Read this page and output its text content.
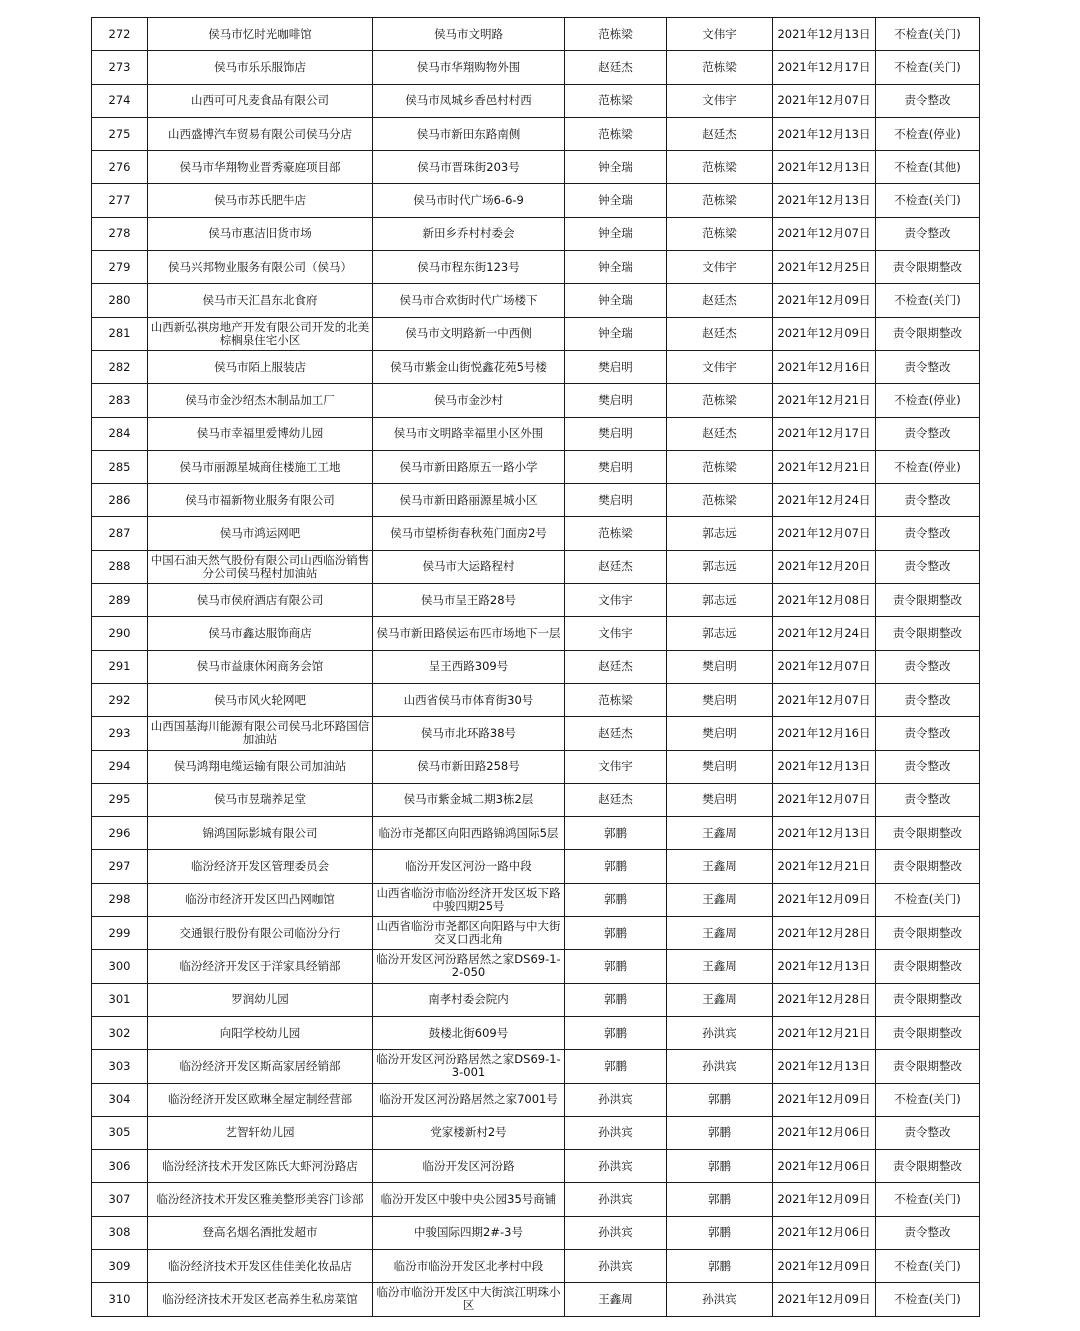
272	侯马市忆时光咖啡馆	侯马市文明路	范栋梁	文伟宇	2021年12月13日	不检查(关门)
273	侯马市乐乐服饰店	侯马市华翔购物外围	赵廷杰	范栋梁	2021年12月17日	不检查(关门)
274	山西可可凡麦食品有限公司	侯马市凤城乡香邑村村西	范栋梁	文伟宇	2021年12月07日	责令整改
275	山西盛博汽车贸易有限公司侯马分店	侯马市新田东路南侧	范栋梁	赵廷杰	2021年12月13日	不检查(停业)
276	侯马市华翔物业晋秀豪庭项目部	侯马市晋珠街203号	钟全瑞	范栋梁	2021年12月13日	不检查(其他)
277	侯马市苏氏肥牛店	侯马市时代广场6-6-9	钟全瑞	范栋梁	2021年12月13日	不检查(关门)
278	侯马市惠洁旧货市场	新田乡乔村村委会	钟全瑞	范栋梁	2021年12月07日	责令整改
279	侯马兴邦物业服务有限公司（侯马）	侯马市程东街123号	钟全瑞	文伟宇	2021年12月25日	责令限期整改
280	侯马市天汇昌东北食府	侯马市合欢街时代广场楼下	钟全瑞	赵廷杰	2021年12月09日	不检查(关门)
281	山西新弘祺房地产开发有限公司开发的北美棕榈泉住宅小区	侯马市文明路新一中西侧	钟全瑞	赵廷杰	2021年12月09日	责令限期整改
282	侯马市陌上服装店	侯马市紫金山街悦鑫花苑5号楼	樊启明	文伟宇	2021年12月16日	责令整改
283	侯马市金沙绍杰木制品加工厂	侯马市金沙村	樊启明	范栋梁	2021年12月21日	不检查(停业)
284	侯马市幸福里爱博幼儿园	侯马市文明路幸福里小区外围	樊启明	赵廷杰	2021年12月17日	责令整改
285	侯马市丽源星城商住楼施工工地	侯马市新田路原五一路小学	樊启明	范栋梁	2021年12月21日	不检查(停业)
286	侯马市福新物业服务有限公司	侯马市新田路丽源星城小区	樊启明	范栋梁	2021年12月24日	责令整改
287	侯马市鸿运网吧	侯马市望桥街春秋苑门面房2号	范栋梁	郭志远	2021年12月07日	责令整改
288	中国石油天然气股份有限公司山西临汾销售分公司侯马程村加油站	侯马市大运路程村	赵廷杰	郭志远	2021年12月20日	责令整改
289	侯马市侯府酒店有限公司	侯马市呈王路28号	文伟宇	郭志远	2021年12月08日	责令限期整改
290	侯马市鑫达服饰商店	侯马市新田路侯运布匹市场地下一层	文伟宇	郭志远	2021年12月24日	责令限期整改
291	侯马市益康休闲商务会馆	呈王西路309号	赵廷杰	樊启明	2021年12月07日	责令整改
292	侯马市风火轮网吧	山西省侯马市体育街30号	范栋梁	樊启明	2021年12月07日	责令整改
293	山西国基海川能源有限公司侯马北环路国信加油站	侯马市北环路38号	赵廷杰	樊启明	2021年12月16日	责令整改
294	侯马鸿翔电缆运输有限公司加油站	侯马市新田路258号	文伟宇	樊启明	2021年12月13日	责令整改
295	侯马市昱瑞养足堂	侯马市紫金城二期3栋2层	赵廷杰	樊启明	2021年12月07日	责令整改
296	锦鸿国际影城有限公司	临汾市尧都区向阳西路锦鸿国际5层	郭鹏	王鑫周	2021年12月13日	责令限期整改
297	临汾经济开发区管理委员会	临汾开发区河汾一路中段	郭鹏	王鑫周	2021年12月21日	责令限期整改
298	临汾市经济开发区凹凸网咖馆	山西省临汾市临汾经济开发区坂下路中骏四期25号	郭鹏	王鑫周	2021年12月09日	不检查(关门)
299	交通银行股份有限公司临汾分行	山西省临汾市尧都区向阳路与中大街交叉口西北角	郭鹏	王鑫周	2021年12月28日	责令限期整改
300	临汾经济开发区于洋家具经销部	临汾开发区河汾路居然之家DS69-1-2-050	郭鹏	王鑫周	2021年12月13日	责令限期整改
301	罗润幼儿园	南孝村委会院内	郭鹏	王鑫周	2021年12月28日	责令限期整改
302	向阳学校幼儿园	鼓楼北街609号	郭鹏	孙洪宾	2021年12月21日	责令限期整改
303	临汾经济开发区斯高家居经销部	临汾开发区河汾路居然之家DS69-1-3-001	郭鹏	孙洪宾	2021年12月13日	责令限期整改
304	临汾经济开发区欧琳全屋定制经营部	临汾开发区河汾路居然之家7001号	孙洪宾	郭鹏	2021年12月09日	不检查(关门)
305	艺智轩幼儿园	党家楼新村2号	孙洪宾	郭鹏	2021年12月06日	责令整改
306	临汾经济技术开发区陈氏大虾河汾路店	临汾开发区河汾路	孙洪宾	郭鹏	2021年12月06日	责令限期整改
307	临汾经济技术开发区雅美整形美容门诊部	临汾开发区中骏中央公园35号商铺	孙洪宾	郭鹏	2021年12月09日	不检查(关门)
308	登高名烟名酒批发超市	中骏国际四期2#-3号	孙洪宾	郭鹏	2021年12月06日	责令整改
309	临汾经济技术开发区佳佳美化妆品店	临汾市临汾开发区北孝村中段	孙洪宾	郭鹏	2021年12月09日	不检查(关门)
310	临汾经济技术开发区老高养生私房菜馆	临汾市临汾开发区中大街滨江明珠小区	王鑫周	孙洪宾	2021年12月09日	不检查(关门)
